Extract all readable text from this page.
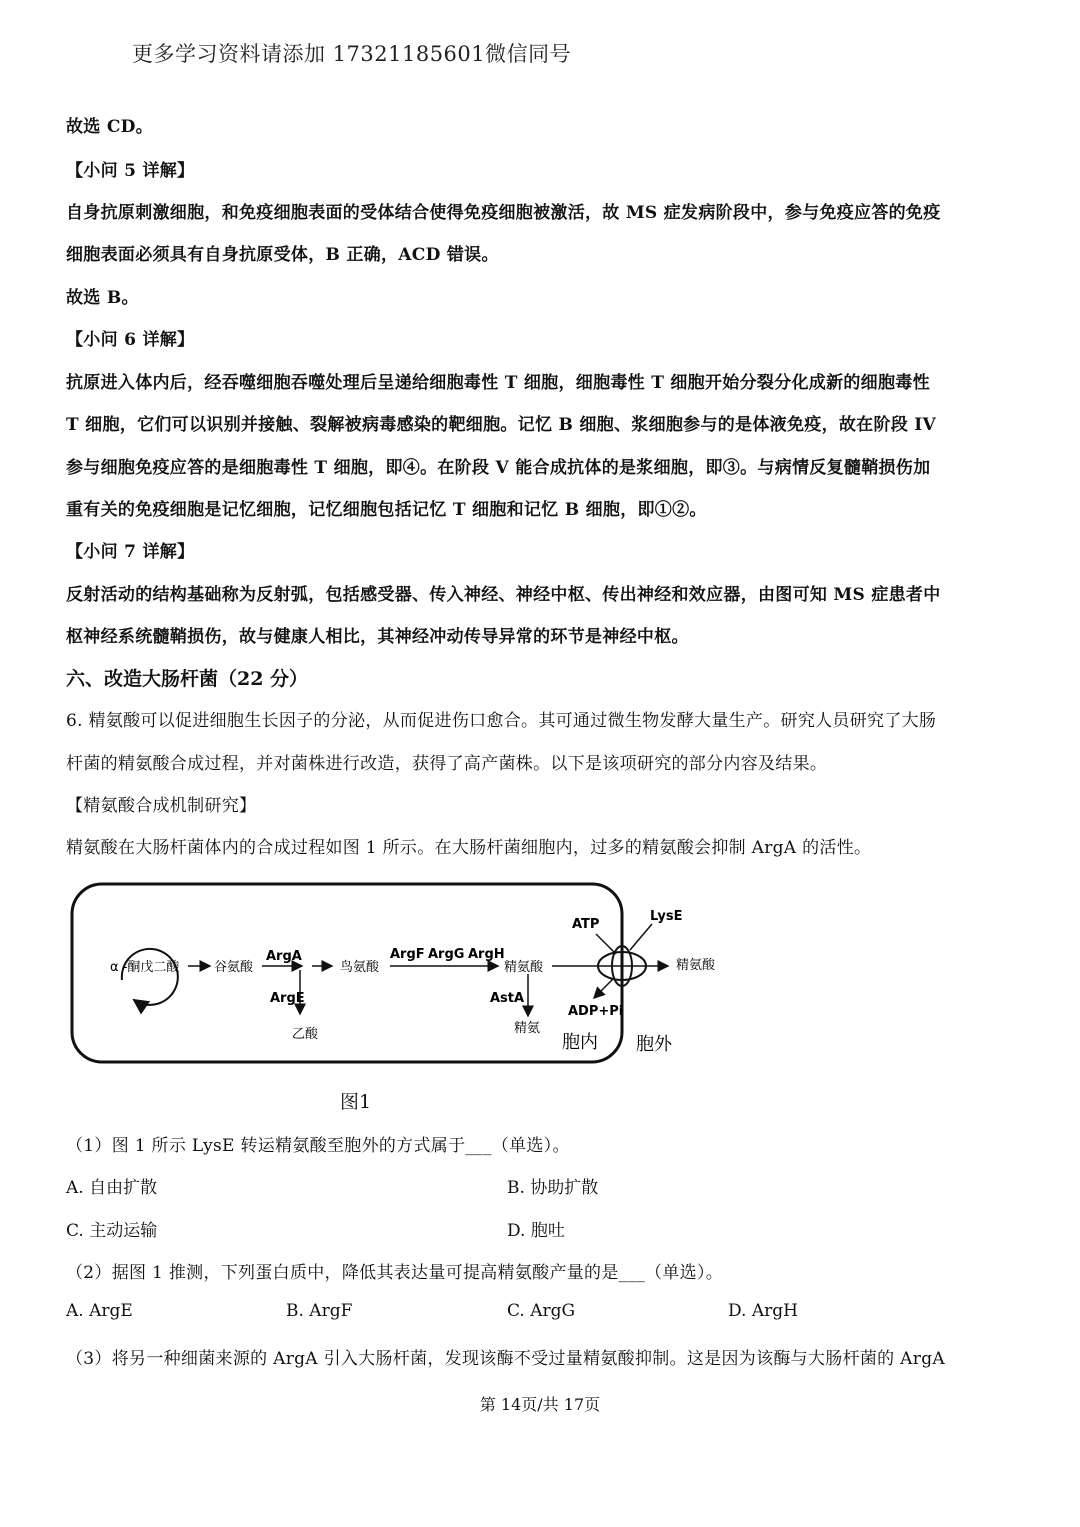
更多学习资料请添加 17321185601微信同号
故选 CD。
【小问 5 详解】
自身抗原刺激细胞，和免疫细胞表面的受体结合使得免疫细胞被激活，故 MS 症发病阶段中，参与免疫应答的免疫
细胞表面必须具有自身抗原受体，B 正确，ACD 错误。
故选 B。
【小问 6 详解】
抗原进入体内后，经吞噬细胞吞噬处理后呈递给细胞毒性 T 细胞，细胞毒性 T 细胞开始分裂分化成新的细胞毒性
T 细胞，它们可以识别并接触、裂解被病毒感染的靶细胞。记忆 B 细胞、浆细胞参与的是体液免疫，故在阶段 IV
参与细胞免疫应答的是细胞毒性 T 细胞，即④。在阶段 V 能合成抗体的是浆细胞，即③。与病情反复髓鞘损伤加
重有关的免疫细胞是记忆细胞，记忆细胞包括记忆 T 细胞和记忆 B 细胞，即①②。
【小问 7 详解】
反射活动的结构基础称为反射弧，包括感受器、传入神经、神经中枢、传出神经和效应器，由图可知 MS 症患者中
枢神经系统髓鞘损伤，故与健康人相比，其神经冲动传导异常的环节是神经中枢。
六、改造大肠杆菌（22 分）
6. 精氨酸可以促进细胞生长因子的分泌，从而促进伤口愈合。其可通过微生物发酵大量生产。研究人员研究了大肠
杆菌的精氨酸合成过程，并对菌株进行改造，获得了高产菌株。以下是该项研究的部分内容及结果。
【精氨酸合成机制研究】
精氨酸在大肠杆菌体内的合成过程如图 1 所示。在大肠杆菌细胞内，过多的精氨酸会抑制 ArgA 的活性。
α -酮戊二酸	谷氨酸
ArgA
ArgE
乙酸
鸟氨酸
ArgF ArgG ArgH
精氨酸
AstA
精氨
ATP
LysE
ADP+Pi
精氨酸
胞内 胞外
图1
（1）图 1 所示 LysE 转运精氨酸至胞外的方式属于___（单选）。
A. 自由扩散	B. 协助扩散
C. 主动运输	D. 胞吐
（2）据图 1 推测，下列蛋白质中，降低其表达量可提高精氨酸产量的是___（单选）。
A. ArgE	B. ArgF	C. ArgG	D. ArgH
（3）将另一种细菌来源的 ArgA 引入大肠杆菌，发现该酶不受过量精氨酸抑制。这是因为该酶与大肠杆菌的 ArgA
第 14页/共 17页
